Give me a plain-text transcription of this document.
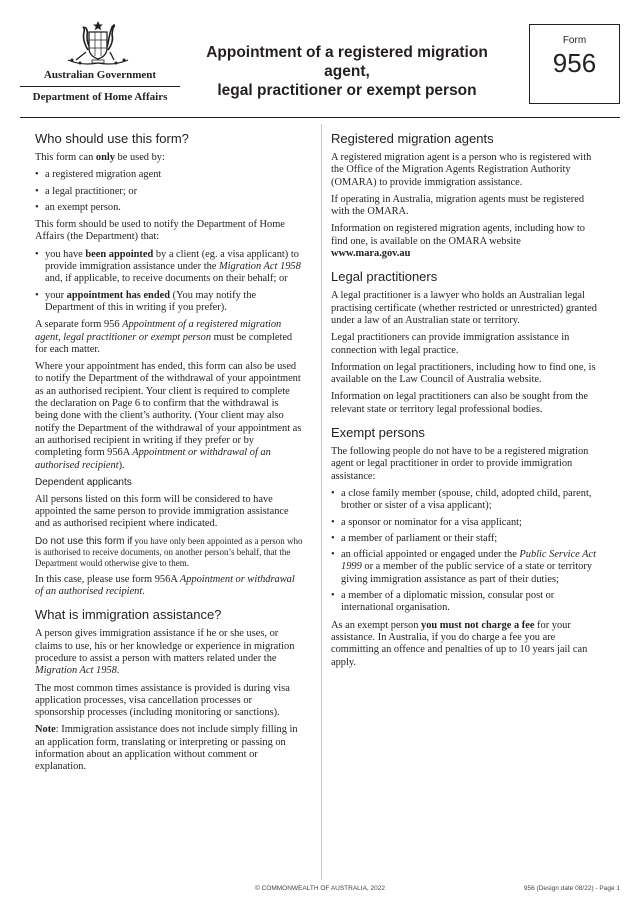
Australian Government
Department of Home Affairs
Appointment of a registered migration agent,
legal practitioner or exempt person
Form
956
Who should use this form?

This form can only be used by:

• a registered migration agent
• a legal practitioner; or
• an exempt person.

This form should be used to notify the Department of Home Affairs (the Department) that:

• you have been appointed by a client (eg. a visa applicant) to provide immigration assistance under the Migration Act 1958 and, if applicable, to receive documents on their behalf; or
• your appointment has ended (You may notify the Department of this in writing if you prefer).

A separate form 956 Appointment of a registered migration agent, legal practitioner or exempt person must be completed for each matter.

Where your appointment has ended, this form can also be used to notify the Department of the withdrawal of your appointment as an authorised recipient. Your client is required to complete the declaration on Page 6 to confirm that the withdrawal is being done with the client’s authority. (Your client may also notify the Department of the withdrawal of your appointment as an authorised recipient in writing if they prefer or by completing form 956A Appointment or withdrawal of an authorised recipient).

Dependent applicants

All persons listed on this form will be considered to have appointed the same person to provide immigration assistance and as authorised recipient where indicated.

Do not use this form if you have only been appointed as a person who is authorised to receive documents, on another person’s behalf, that the Department would otherwise give to them.

In this case, please use form 956A Appointment or withdrawal of an authorised recipient.

What is immigration assistance?

A person gives immigration assistance if he or she uses, or claims to use, his or her knowledge or experience in migration procedure to assist a person with matters related under the Migration Act 1958.

The most common times assistance is provided is during visa application processes, visa cancellation processes or sponsorship processes (including monitoring or sanctions).

Note: Immigration assistance does not include simply filling in an application form, translating or interpreting or passing on information about an application without comment or explanation.

Registered migration agents

A registered migration agent is a person who is registered with the Office of the Migration Agents Registration Authority (OMARA) to provide immigration assistance.

If operating in Australia, migration agents must be registered with the OMARA.

Information on registered migration agents, including how to find one, is available on the OMARA website
www.mara.gov.au

Legal practitioners

A legal practitioner is a lawyer who holds an Australian legal practising certificate (whether restricted or unrestricted) granted under a law of an Australian state or territory.

Legal practitioners can provide immigration assistance in connection with legal practice.

Information on legal practitioners, including how to find one, is available on the Law Council of Australia website.

Information on legal practitioners can also be sought from the relevant state or territory legal professional bodies.

Exempt persons

The following people do not have to be a registered migration agent or legal practitioner in order to provide immigration assistance:

• a close family member (spouse, child, adopted child, parent, brother or sister of a visa applicant);
• a sponsor or nominator for a visa applicant;
• a member of parliament or their staff;
• an official appointed or engaged under the Public Service Act 1999 or a member of the public service of a state or territory giving immigration assistance as part of their duties;
• a member of a diplomatic mission, consular post or international organisation.

As an exempt person you must not charge a fee for your assistance. In Australia, if you do charge a fee you are committing an offence and penalties of up to 10 years jail can apply.

© COMMONWEALTH OF AUSTRALIA, 2022	956 (Design date 08/22) - Page 1
